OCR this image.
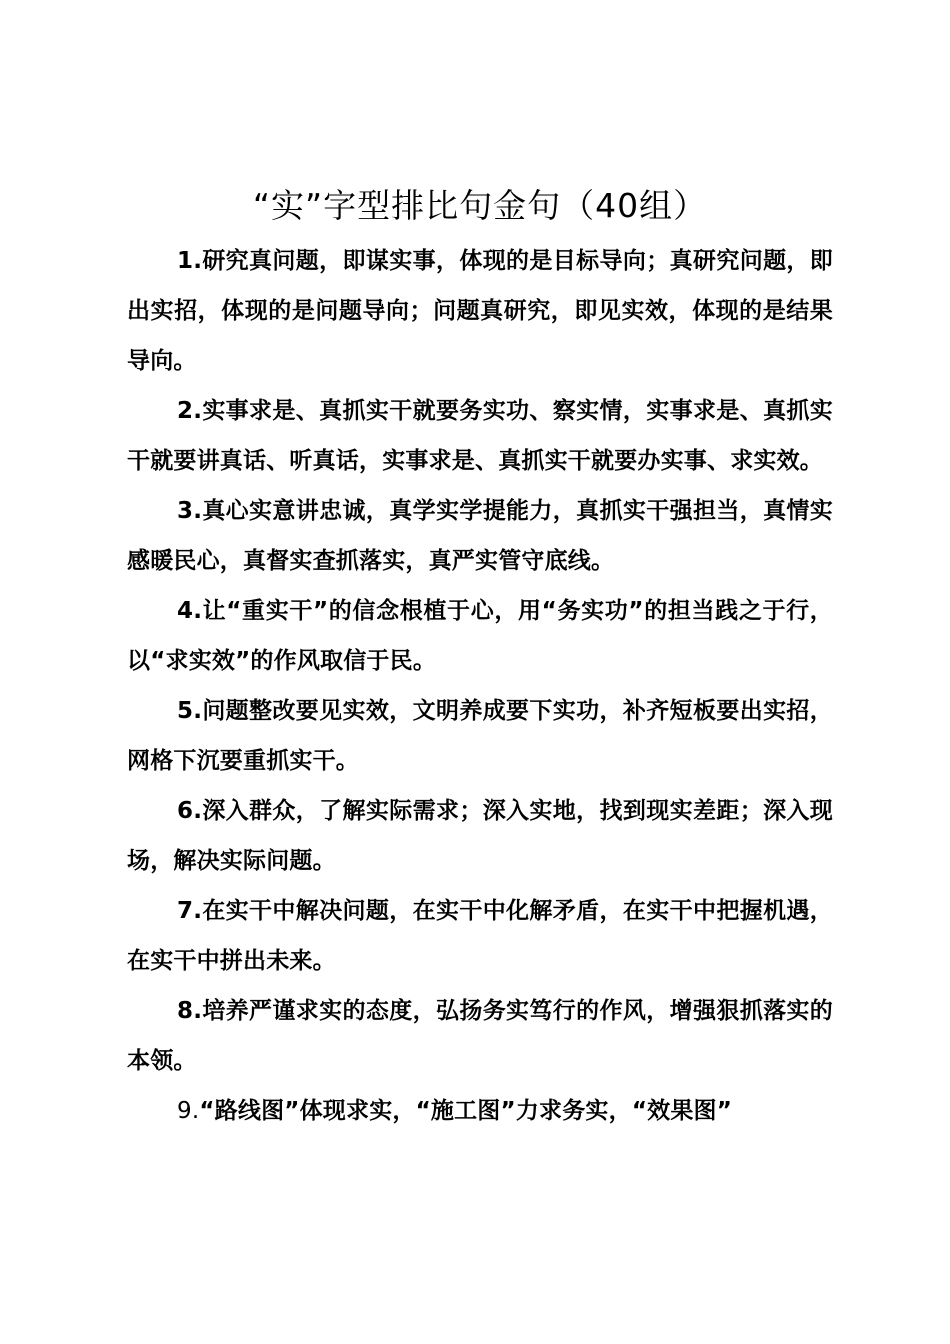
“实”字型排比句金句（40组）

1.研究真问题，即谋实事，体现的是目标导向；真研究问题，即出实招，体现的是问题导向；问题真研究，即见实效，体现的是结果导向。

2.实事求是、真抓实干就要务实功、察实情，实事求是、真抓实干就要讲真话、听真话，实事求是、真抓实干就要办实事、求实效。

3.真心实意讲忠诚，真学实学提能力，真抓实干强担当，真情实感暖民心，真督实查抓落实，真严实管守底线。

4.让“重实干”的信念根植于心，用“务实功”的担当践之于行，以“求实效”的作风取信于民。

5.问题整改要见实效，文明养成要下实功，补齐短板要出实招，网格下沉要重抓实干。

6.深入群众，了解实际需求；深入实地，找到现实差距；深入现场，解决实际问题。

7.在实干中解决问题，在实干中化解矛盾，在实干中把握机遇，在实干中拼出未来。

8.培养严谨求实的态度，弘扬务实笃行的作风，增强狠抓落实的本领。

9.“路线图”体现求实，“施工图”力求务实，“效果图”
